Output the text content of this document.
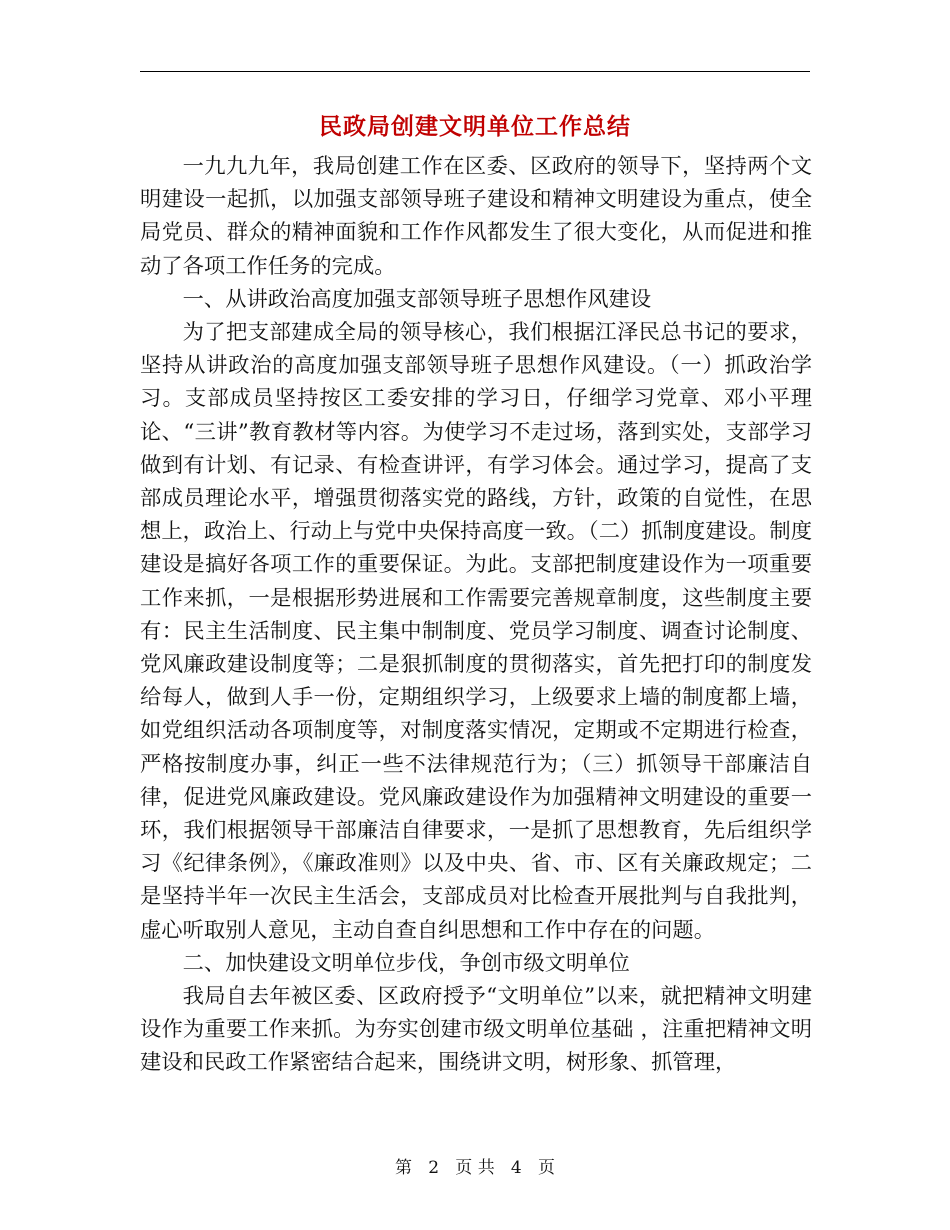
民政局创建文明单位工作总结

一九九九年，我局创建工作在区委、区政府的领导下，坚持两个文明建设一起抓，以加强支部领导班子建设和精神文明建设为重点，使全局党员、群众的精神面貌和工作作风都发生了很大变化，从而促进和推动了各项工作任务的完成。

一、从讲政治高度加强支部领导班子思想作风建设

为了把支部建成全局的领导核心，我们根据江泽民总书记的要求，坚持从讲政治的高度加强支部领导班子思想作风建设。（一）抓政治学习。支部成员坚持按区工委安排的学习日，仔细学习党章、邓小平理论、“三讲”教育教材等内容。为使学习不走过场，落到实处，支部学习做到有计划、有记录、有检查讲评，有学习体会。通过学习，提高了支部成员理论水平，增强贯彻落实党的路线，方针，政策的自觉性，在思想上，政治上、行动上与党中央保持高度一致。（二）抓制度建设。制度建设是搞好各项工作的重要保证。为此。支部把制度建设作为一项重要工作来抓，一是根据形势进展和工作需要完善规章制度，这些制度主要有：民主生活制度、民主集中制制度、党员学习制度、调查讨论制度、党风廉政建设制度等；二是狠抓制度的贯彻落实，首先把打印的制度发给每人，做到人手一份，定期组织学习，上级要求上墙的制度都上墙，如党组织活动各项制度等，对制度落实情况，定期或不定期进行检查，严格按制度办事，纠正一些不法律规范行为；（三）抓领导干部廉洁自律，促进党风廉政建设。党风廉政建设作为加强精神文明建设的重要一环，我们根据领导干部廉洁自律要求，一是抓了思想教育，先后组织学习《纪律条例》，《廉政准则》以及中央、省、市、区有关廉政规定；二是坚持半年一次民主生活会，支部成员对比检查开展批判与自我批判，虚心听取别人意见，主动自查自纠思想和工作中存在的问题。

二、加快建设文明单位步伐，争创市级文明单位

我局自去年被区委、区政府授予“文明单位”以来，就把精神文明建设作为重要工作来抓。为夯实创建市级文明单位基础 ，注重把精神文明建设和民政工作紧密结合起来，围绕讲文明，树形象、抓管理，

第 2 页 共 4 页
